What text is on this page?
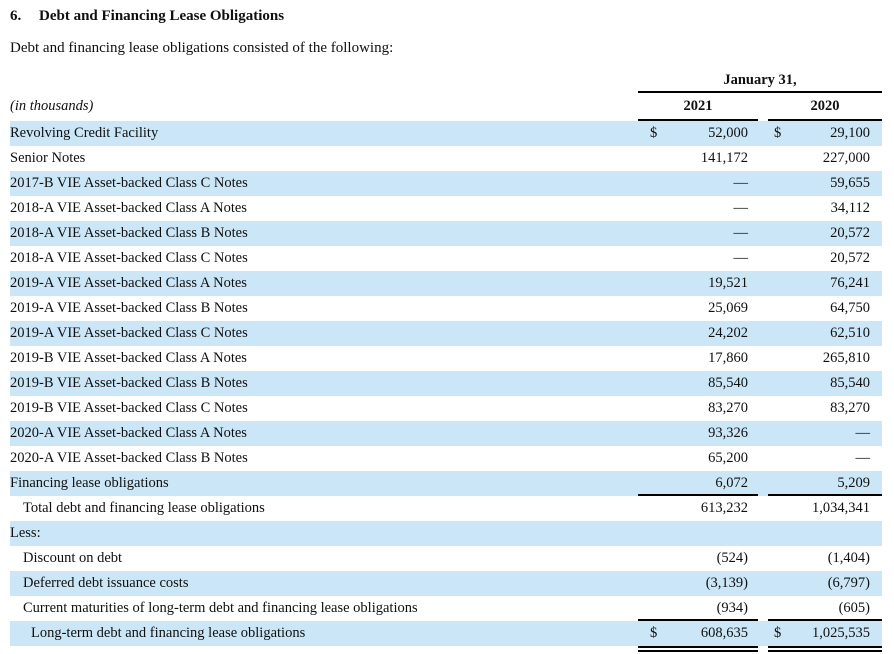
6.	Debt and Financing Lease Obligations

Debt and financing lease obligations consisted of the following:

January 31,
(in thousands)	2021	2020
Revolving Credit Facility	$	52,000 $	29,100
Senior Notes	141,172	227,000
2017-B VIE Asset-backed Class C Notes	—	59,655
2018-A VIE Asset-backed Class A Notes	—	34,112
2018-A VIE Asset-backed Class B Notes	—	20,572
2018-A VIE Asset-backed Class C Notes	—	20,572
2019-A VIE Asset-backed Class A Notes	19,521	76,241
2019-A VIE Asset-backed Class B Notes	25,069	64,750
2019-A VIE Asset-backed Class C Notes	24,202	62,510
2019-B VIE Asset-backed Class A Notes	17,860	265,810
2019-B VIE Asset-backed Class B Notes	85,540	85,540
2019-B VIE Asset-backed Class C Notes	83,270	83,270
2020-A VIE Asset-backed Class A Notes	93,326	—
2020-A VIE Asset-backed Class B Notes	65,200	—
Financing lease obligations	6,072	5,209
Total debt and financing lease obligations	613,232	1,034,341
Less:
Discount on debt	(524)	(1,404)
Deferred debt issuance costs	(3,139)	(6,797)
Current maturities of long-term debt and financing lease obligations	(934)	(605)
Long-term debt and financing lease obligations	$	608,635 $ 1,025,535
